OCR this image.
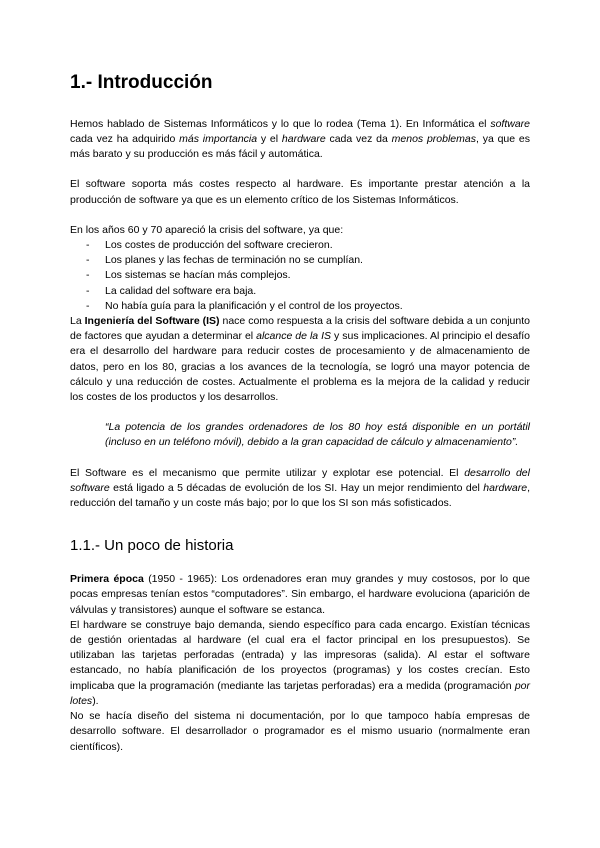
1.- Introducción

Hemos hablado de Sistemas Informáticos y lo que lo rodea (Tema 1). En Informática el software cada vez ha adquirido más importancia y el hardware cada vez da menos problemas, ya que es más barato y su producción es más fácil y automática.

El software soporta más costes respecto al hardware. Es importante prestar atención a la producción de software ya que es un elemento crítico de los Sistemas Informáticos.

En los años 60 y 70 apareció la crisis del software, ya que:

-	Los costes de producción del software crecieron.
-	Los planes y las fechas de terminación no se cumplían.
-	Los sistemas se hacían más complejos.
-	La calidad del software era baja.
-	No había guía para la planificación y el control de los proyectos.

La Ingeniería del Software (IS) nace como respuesta a la crisis del software debida a un conjunto de factores que ayudan a determinar el alcance de la IS y sus implicaciones. Al principio el desafío era el desarrollo del hardware para reducir costes de procesamiento y de almacenamiento de datos, pero en los 80, gracias a los avances de la tecnología, se logró una mayor potencia de cálculo y una reducción de costes. Actualmente el problema es la mejora de la calidad y reducir los costes de los productos y los desarrollos.

“La potencia de los grandes ordenadores de los 80 hoy está disponible en un portátil (incluso en un teléfono móvil), debido a la gran capacidad de cálculo y almacenamiento”.

El Software es el mecanismo que permite utilizar y explotar ese potencial. El desarrollo del software está ligado a 5 décadas de evolución de los SI. Hay un mejor rendimiento del hardware, reducción del tamaño y un coste más bajo; por lo que los SI son más sofisticados.

1.1.- Un poco de historia

Primera época (1950 - 1965): Los ordenadores eran muy grandes y muy costosos, por lo que pocas empresas tenían estos “computadores”. Sin embargo, el hardware evoluciona (aparición de válvulas y transistores) aunque el software se estanca.

El hardware se construye bajo demanda, siendo específico para cada encargo. Existían técnicas de gestión orientadas al hardware (el cual era el factor principal en los presupuestos). Se utilizaban las tarjetas perforadas (entrada) y las impresoras (salida). Al estar el software estancado, no había planificación de los proyectos (programas) y los costes crecían. Esto implicaba que la programación (mediante las tarjetas perforadas) era a medida (programación por lotes).

No se hacía diseño del sistema ni documentación, por lo que tampoco había empresas de desarrollo software. El desarrollador o programador es el mismo usuario (normalmente eran científicos).
